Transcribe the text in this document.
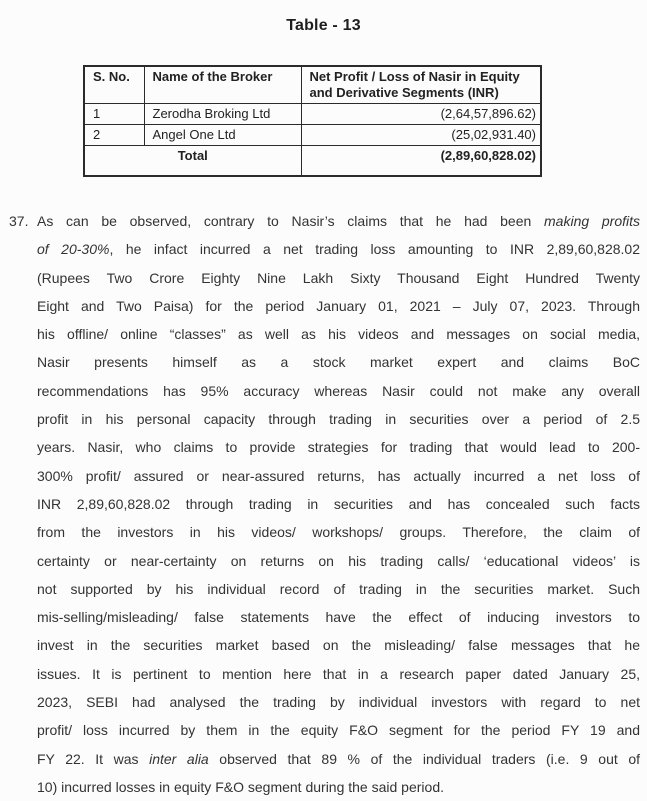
Table - 13
S. No.	Name of the Broker	Net Profit / Loss of Nasir in Equity
and Derivative Segments (INR)

1	Zerodha Broking Ltd	(2,64,57,896.62)
2	Angel One Ltd	(25,02,931.40)
Total		(2,89,60,828.02)
37. As can be observed, contrary to Nasir’s claims that he had been making profits
of 20-30%, he infact incurred a net trading loss amounting to INR 2,89,60,828.02
(Rupees Two Crore Eighty Nine Lakh Sixty Thousand Eight Hundred Twenty
Eight and Two Paisa) for the period January 01, 2021 – July 07, 2023. Through
his offline/ online “classes” as well as his videos and messages on social media,
Nasir presents himself as a stock market expert and claims BoC
recommendations has 95% accuracy whereas Nasir could not make any overall
profit in his personal capacity through trading in securities over a period of 2.5
years. Nasir, who claims to provide strategies for trading that would lead to 200-
300% profit/ assured or near-assured returns, has actually incurred a net loss of
INR 2,89,60,828.02 through trading in securities and has concealed such facts
from the investors in his videos/ workshops/ groups. Therefore, the claim of
certainty or near-certainty on returns on his trading calls/ ‘educational videos’ is
not supported by his individual record of trading in the securities market. Such
mis-selling/misleading/ false statements have the effect of inducing investors to
invest in the securities market based on the misleading/ false messages that he
issues. It is pertinent to mention here that in a research paper dated January 25,
2023, SEBI had analysed the trading by individual investors with regard to net
profit/ loss incurred by them in the equity F&O segment for the period FY 19 and
FY 22. It was inter alia observed that 89 % of the individual traders (i.e. 9 out of
10) incurred losses in equity F&O segment during the said period.
